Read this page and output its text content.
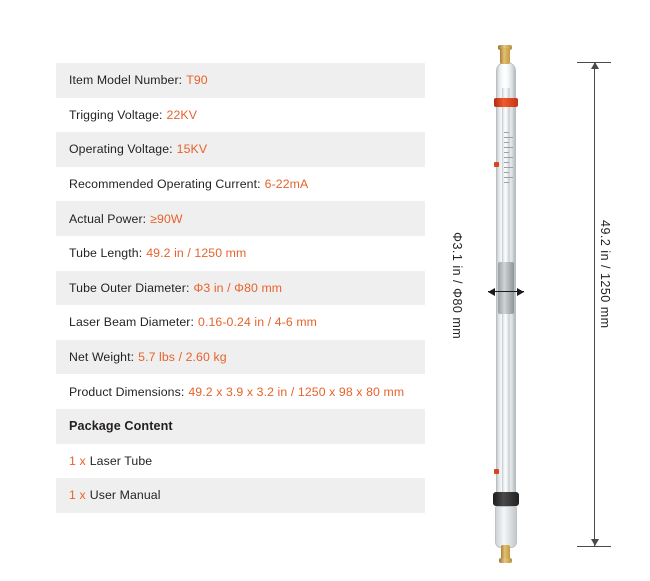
Item Model Number: T90
Trigging Voltage: 22KV
Operating Voltage: 15KV
Recommended Operating Current: 6-22mA
Actual Power: ≥90W
Tube Length: 49.2 in / 1250 mm
Tube Outer Diameter: Φ3 in / Φ80 mm
Laser Beam Diameter: 0.16-0.24 in / 4-6 mm
Net Weight: 5.7 lbs / 2.60 kg
Product Dimensions: 49.2 x 3.9 x 3.2 in / 1250 x 98 x 80 mm
Package Content
1 x Laser Tube
1 x User Manual
49.2 in / 1250 mm
Φ3.1 in / Φ80 mm
